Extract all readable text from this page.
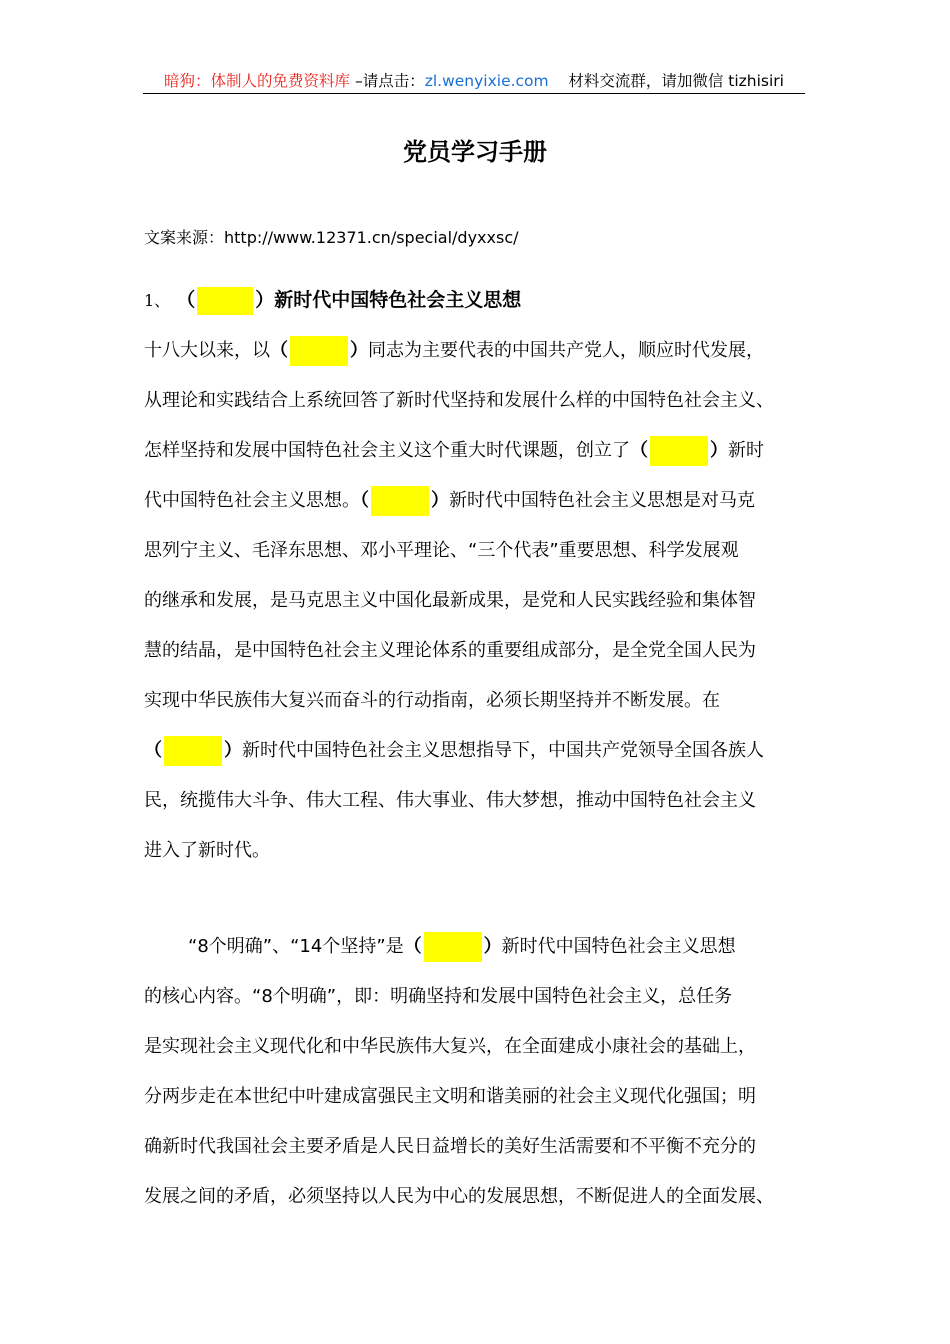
暗狗：体制人的免费资料库 –请点击：zl.wenyixie.com    材料交流群，请加微信 tizhisiri
党员学习手册
文案来源：http://www.12371.cn/special/dyxxsc/
1、 （	）新时代中国特色社会主义思想
十八大以来，以（	）同志为主要代表的中国共产党人，顺应时代发展，
从理论和实践结合上系统回答了新时代坚持和发展什么样的中国特色社会主义、
怎样坚持和发展中国特色社会主义这个重大时代课题，创立了（	）新时
代中国特色社会主义思想。（	）新时代中国特色社会主义思想是对马克
思列宁主义、毛泽东思想、邓小平理论、“三个代表”重要思想、科学发展观
的继承和发展，是马克思主义中国化最新成果，是党和人民实践经验和集体智
慧的结晶，是中国特色社会主义理论体系的重要组成部分，是全党全国人民为
实现中华民族伟大复兴而奋斗的行动指南，必须长期坚持并不断发展。在
（	）新时代中国特色社会主义思想指导下，中国共产党领导全国各族人
民，统揽伟大斗争、伟大工程、伟大事业、伟大梦想，推动中国特色社会主义
进入了新时代。
“8个明确”、“14个坚持”是（	）新时代中国特色社会主义思想
的核心内容。“8个明确”，即：明确坚持和发展中国特色社会主义，总任务
是实现社会主义现代化和中华民族伟大复兴，在全面建成小康社会的基础上，
分两步走在本世纪中叶建成富强民主文明和谐美丽的社会主义现代化强国；明
确新时代我国社会主要矛盾是人民日益增长的美好生活需要和不平衡不充分的
发展之间的矛盾，必须坚持以人民为中心的发展思想，不断促进人的全面发展、
